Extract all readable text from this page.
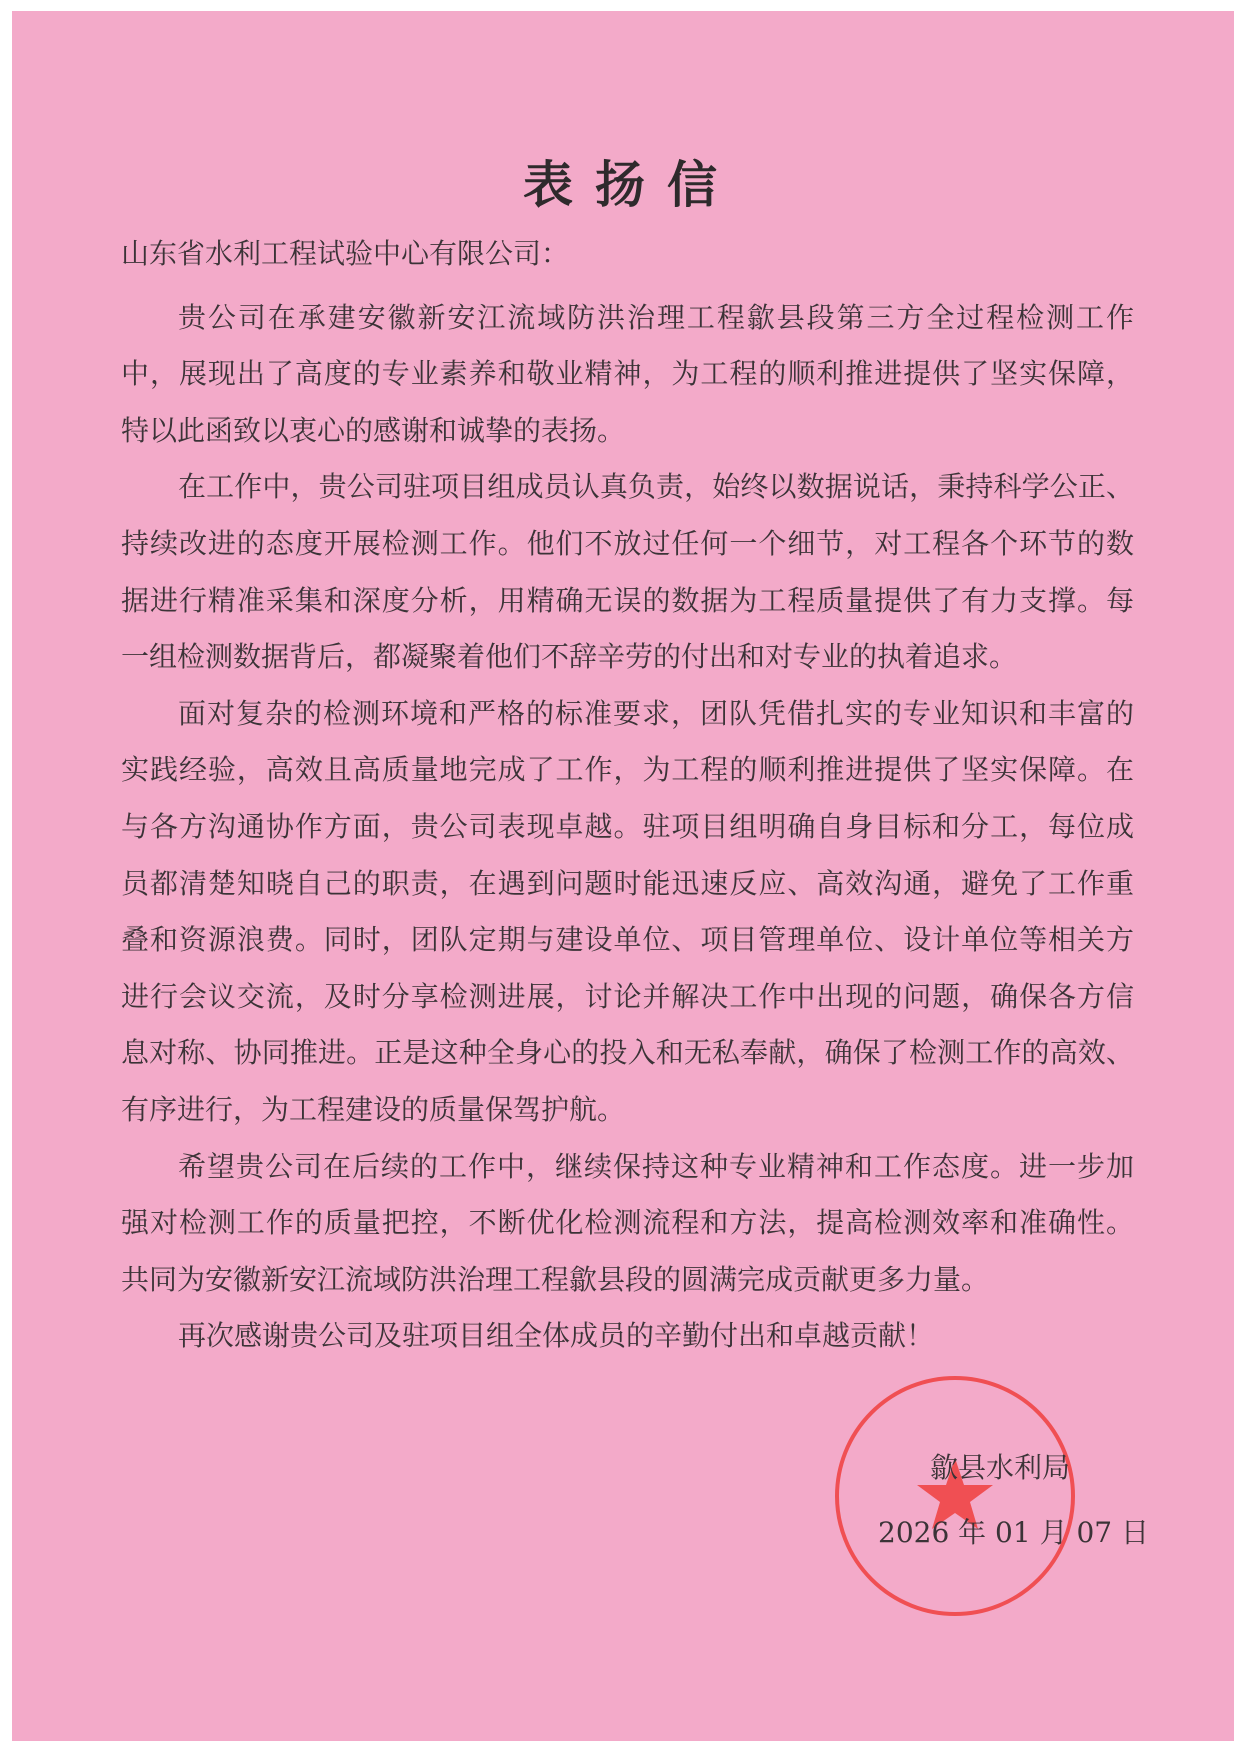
表扬信
山东省水利工程试验中心有限公司：
贵公司在承建安徽新安江流域防洪治理工程歙县段第三方全过程检测工作
中，展现出了高度的专业素养和敬业精神，为工程的顺利推进提供了坚实保障，
特以此函致以衷心的感谢和诚挚的表扬。
在工作中，贵公司驻项目组成员认真负责，始终以数据说话，秉持科学公正、
持续改进的态度开展检测工作。他们不放过任何一个细节，对工程各个环节的数
据进行精准采集和深度分析，用精确无误的数据为工程质量提供了有力支撑。每
一组检测数据背后，都凝聚着他们不辞辛劳的付出和对专业的执着追求。
面对复杂的检测环境和严格的标准要求，团队凭借扎实的专业知识和丰富的
实践经验，高效且高质量地完成了工作，为工程的顺利推进提供了坚实保障。在
与各方沟通协作方面，贵公司表现卓越。驻项目组明确自身目标和分工，每位成
员都清楚知晓自己的职责，在遇到问题时能迅速反应、高效沟通，避免了工作重
叠和资源浪费。同时，团队定期与建设单位、项目管理单位、设计单位等相关方
进行会议交流，及时分享检测进展，讨论并解决工作中出现的问题，确保各方信
息对称、协同推进。正是这种全身心的投入和无私奉献，确保了检测工作的高效、
有序进行，为工程建设的质量保驾护航。
希望贵公司在后续的工作中，继续保持这种专业精神和工作态度。进一步加
强对检测工作的质量把控，不断优化检测流程和方法，提高检测效率和准确性。
共同为安徽新安江流域防洪治理工程歙县段的圆满完成贡献更多力量。
再次感谢贵公司及驻项目组全体成员的辛勤付出和卓越贡献！
歙县水利局
2026 年 01 月 07 日
